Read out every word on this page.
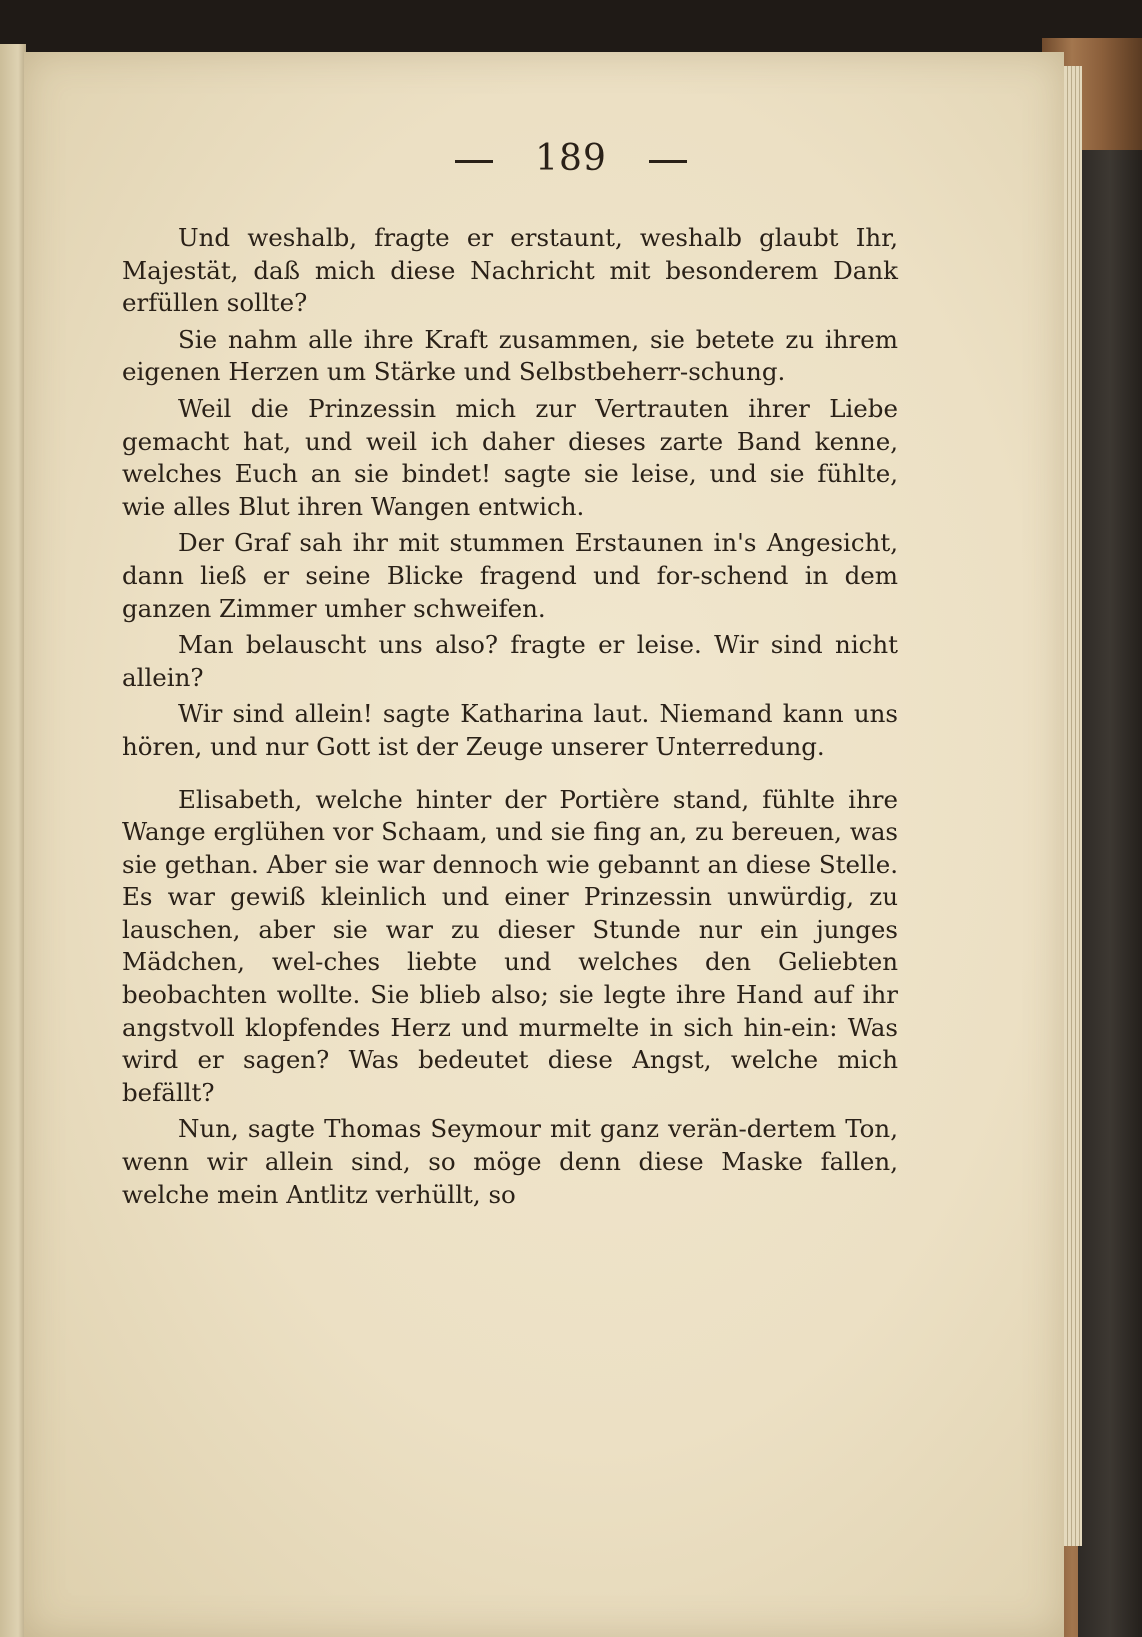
189

Und weshalb, fragte er erstaunt, weshalb glaubt Ihr, Majestät, daß mich diese Nachricht mit besonderem Dank erfüllen sollte?

Sie nahm alle ihre Kraft zusammen, sie betete zu ihrem eigenen Herzen um Stärke und Selbstbeherr-schung.

Weil die Prinzessin mich zur Vertrauten ihrer Liebe gemacht hat, und weil ich daher dieses zarte Band kenne, welches Euch an sie bindet! sagte sie leise, und sie fühlte, wie alles Blut ihren Wangen entwich.

Der Graf sah ihr mit stummen Erstaunen in's Angesicht, dann ließ er seine Blicke fragend und for-schend in dem ganzen Zimmer umher schweifen.

Man belauscht uns also? fragte er leise. Wir sind nicht allein?

Wir sind allein! sagte Katharina laut. Niemand kann uns hören, und nur Gott ist der Zeuge unserer Unterredung.

Elisabeth, welche hinter der Portière stand, fühlte ihre Wange erglühen vor Schaam, und sie fing an, zu bereuen, was sie gethan. Aber sie war dennoch wie gebannt an diese Stelle. Es war gewiß kleinlich und einer Prinzessin unwürdig, zu lauschen, aber sie war zu dieser Stunde nur ein junges Mädchen, wel-ches liebte und welches den Geliebten beobachten wollte. Sie blieb also; sie legte ihre Hand auf ihr angstvoll klopfendes Herz und murmelte in sich hin-ein: Was wird er sagen? Was bedeutet diese Angst, welche mich befällt?

Nun, sagte Thomas Seymour mit ganz verän-dertem Ton, wenn wir allein sind, so möge denn diese Maske fallen, welche mein Antlitz verhüllt, so
